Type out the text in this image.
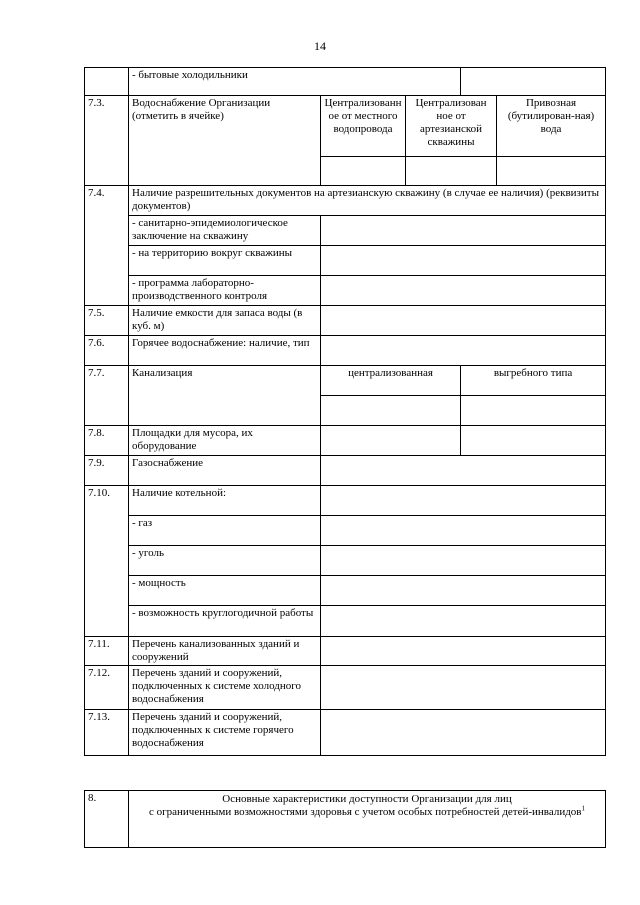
14
	- бытовые холодильники				
7.3.	Водоснабжение Организации (отметить в ячейке)	Централизованн ое от местного водопровода	Централизован ное от артезианской скважины		Привозная (бутилирован-ная) вода

7.4.	Наличие разрешительных документов на артезианскую скважину (в случае ее наличия) (реквизиты документов)				
	- санитарно-эпидемиологическое заключение на скважину				
	- на территорию вокруг скважины				
	- программа лабораторно-производственного контроля				
7.5.	Наличие емкости для запаса воды (в куб. м)				
7.6.	Горячее водоснабжение: наличие, тип				
7.7.	Канализация	централизованная		выгребного типа	

7.8.	Площадки для мусора, их оборудование				
7.9.	Газоснабжение				
7.10.	Наличие котельной:				
	- газ				
	- уголь				
	- мощность				
	- возможность круглогодичной работы				
7.11.	Перечень канализованных зданий и сооружений				
7.12.	Перечень зданий и сооружений, подключенных к системе холодного водоснабжения				
7.13.	Перечень зданий и сооружений, подключенных к системе горячего водоснабжения				
8.	Основные характеристики доступности Организации для лиц
с ограниченными возможностями здоровья с учетом особых потребностей детей-инвалидов$^1$
